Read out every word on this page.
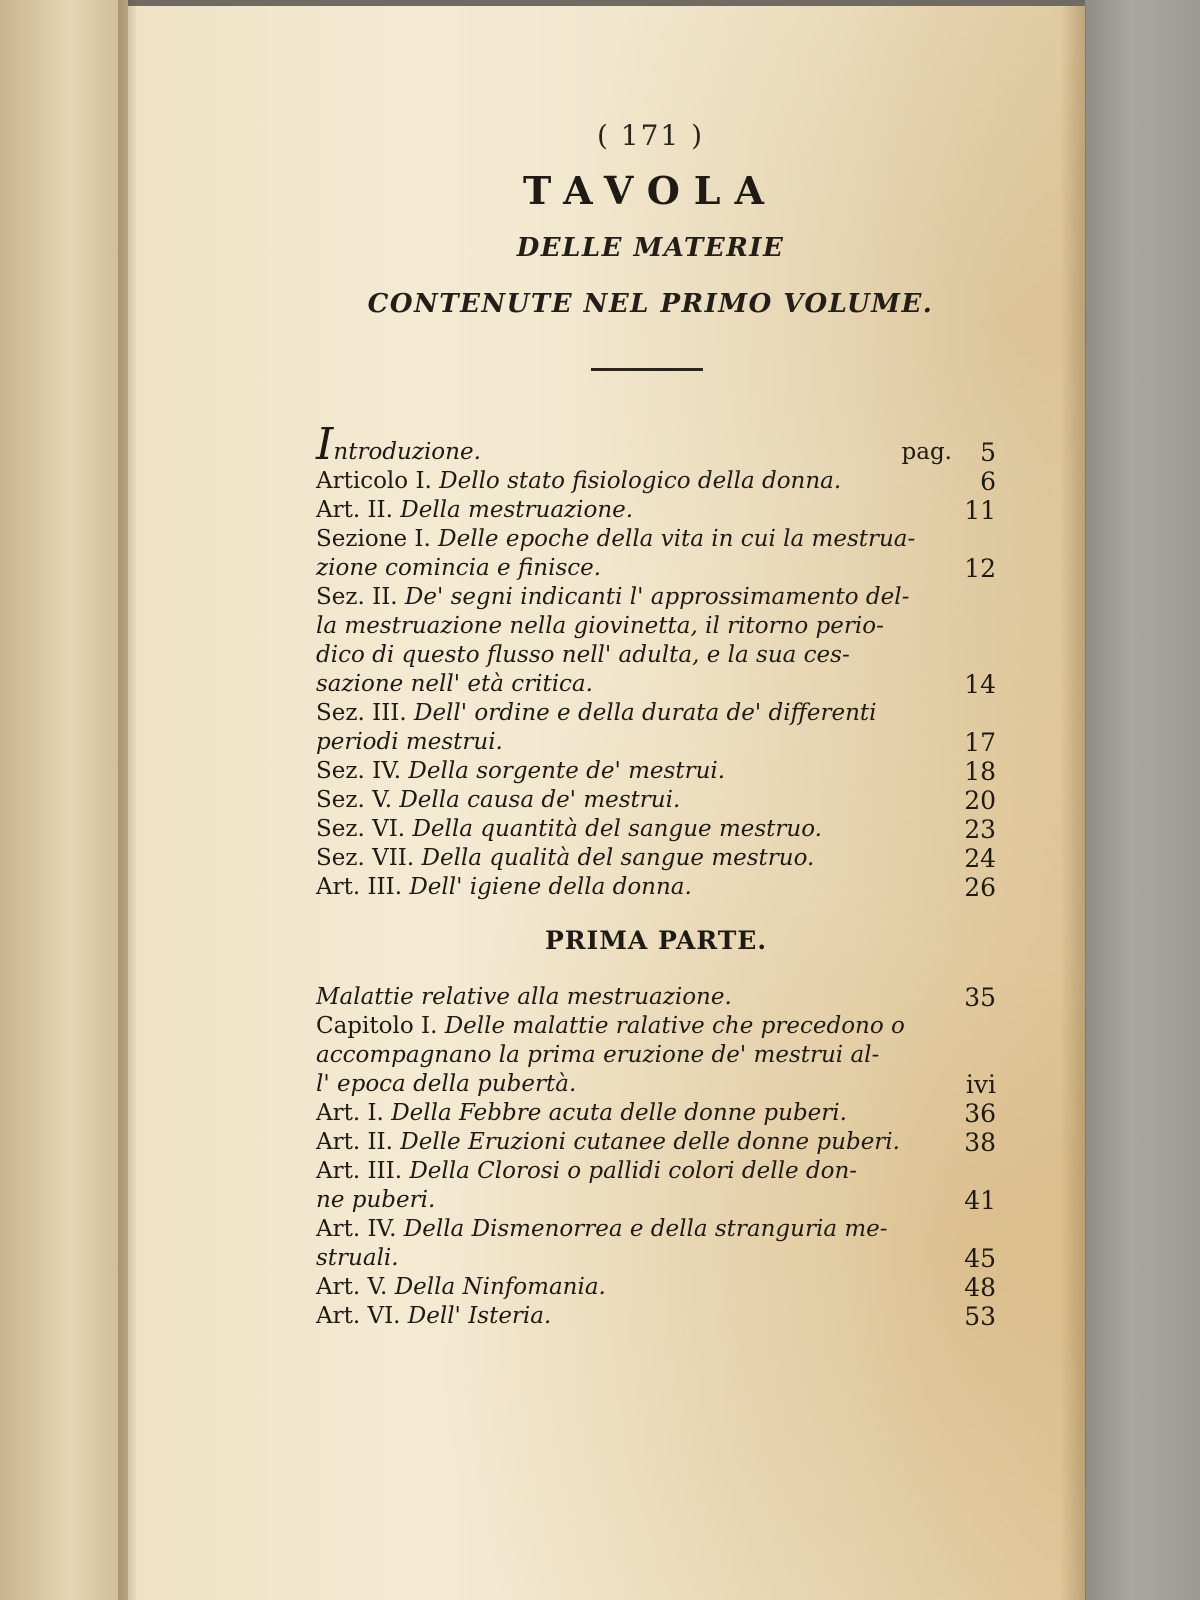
( 171 )
TAVOLA
DELLE MATERIE
CONTENUTE NEL PRIMO VOLUME.
Introduzione.	pag.	5
Articolo I. Dello stato fisiologico della donna.	6
Art. II. Della mestruazione.	11
Sezione I. Delle epoche della vita in cui la mestrua-
zione comincia e finisce.	12
Sez. II. De' segni indicanti l' approssimamento del-
la mestruazione nella giovinetta, il ritorno perio-
dico di questo flusso nell' adulta, e la sua ces-
sazione nell' età critica.	14
Sez. III. Dell' ordine e della durata de' differenti
periodi mestrui.	17
Sez. IV. Della sorgente de' mestrui.	18
Sez. V. Della causa de' mestrui.	20
Sez. VI. Della quantità del sangue mestruo.	23
Sez. VII. Della qualità del sangue mestruo.	24
Art. III. Dell' igiene della donna.	26
PRIMA PARTE.
Malattie relative alla mestruazione.	35
Capitolo I. Delle malattie ralative che precedono o
accompagnano la prima eruzione de' mestrui al-
l' epoca della pubertà.	ivi
Art. I. Della Febbre acuta delle donne puberi.	36
Art. II. Delle Eruzioni cutanee delle donne puberi.	38
Art. III. Della Clorosi o pallidi colori delle don-
ne puberi.	41
Art. IV. Della Dismenorrea e della stranguria me-
struali.	45
Art. V. Della Ninfomania.	48
Art. VI. Dell' Isteria.	53
